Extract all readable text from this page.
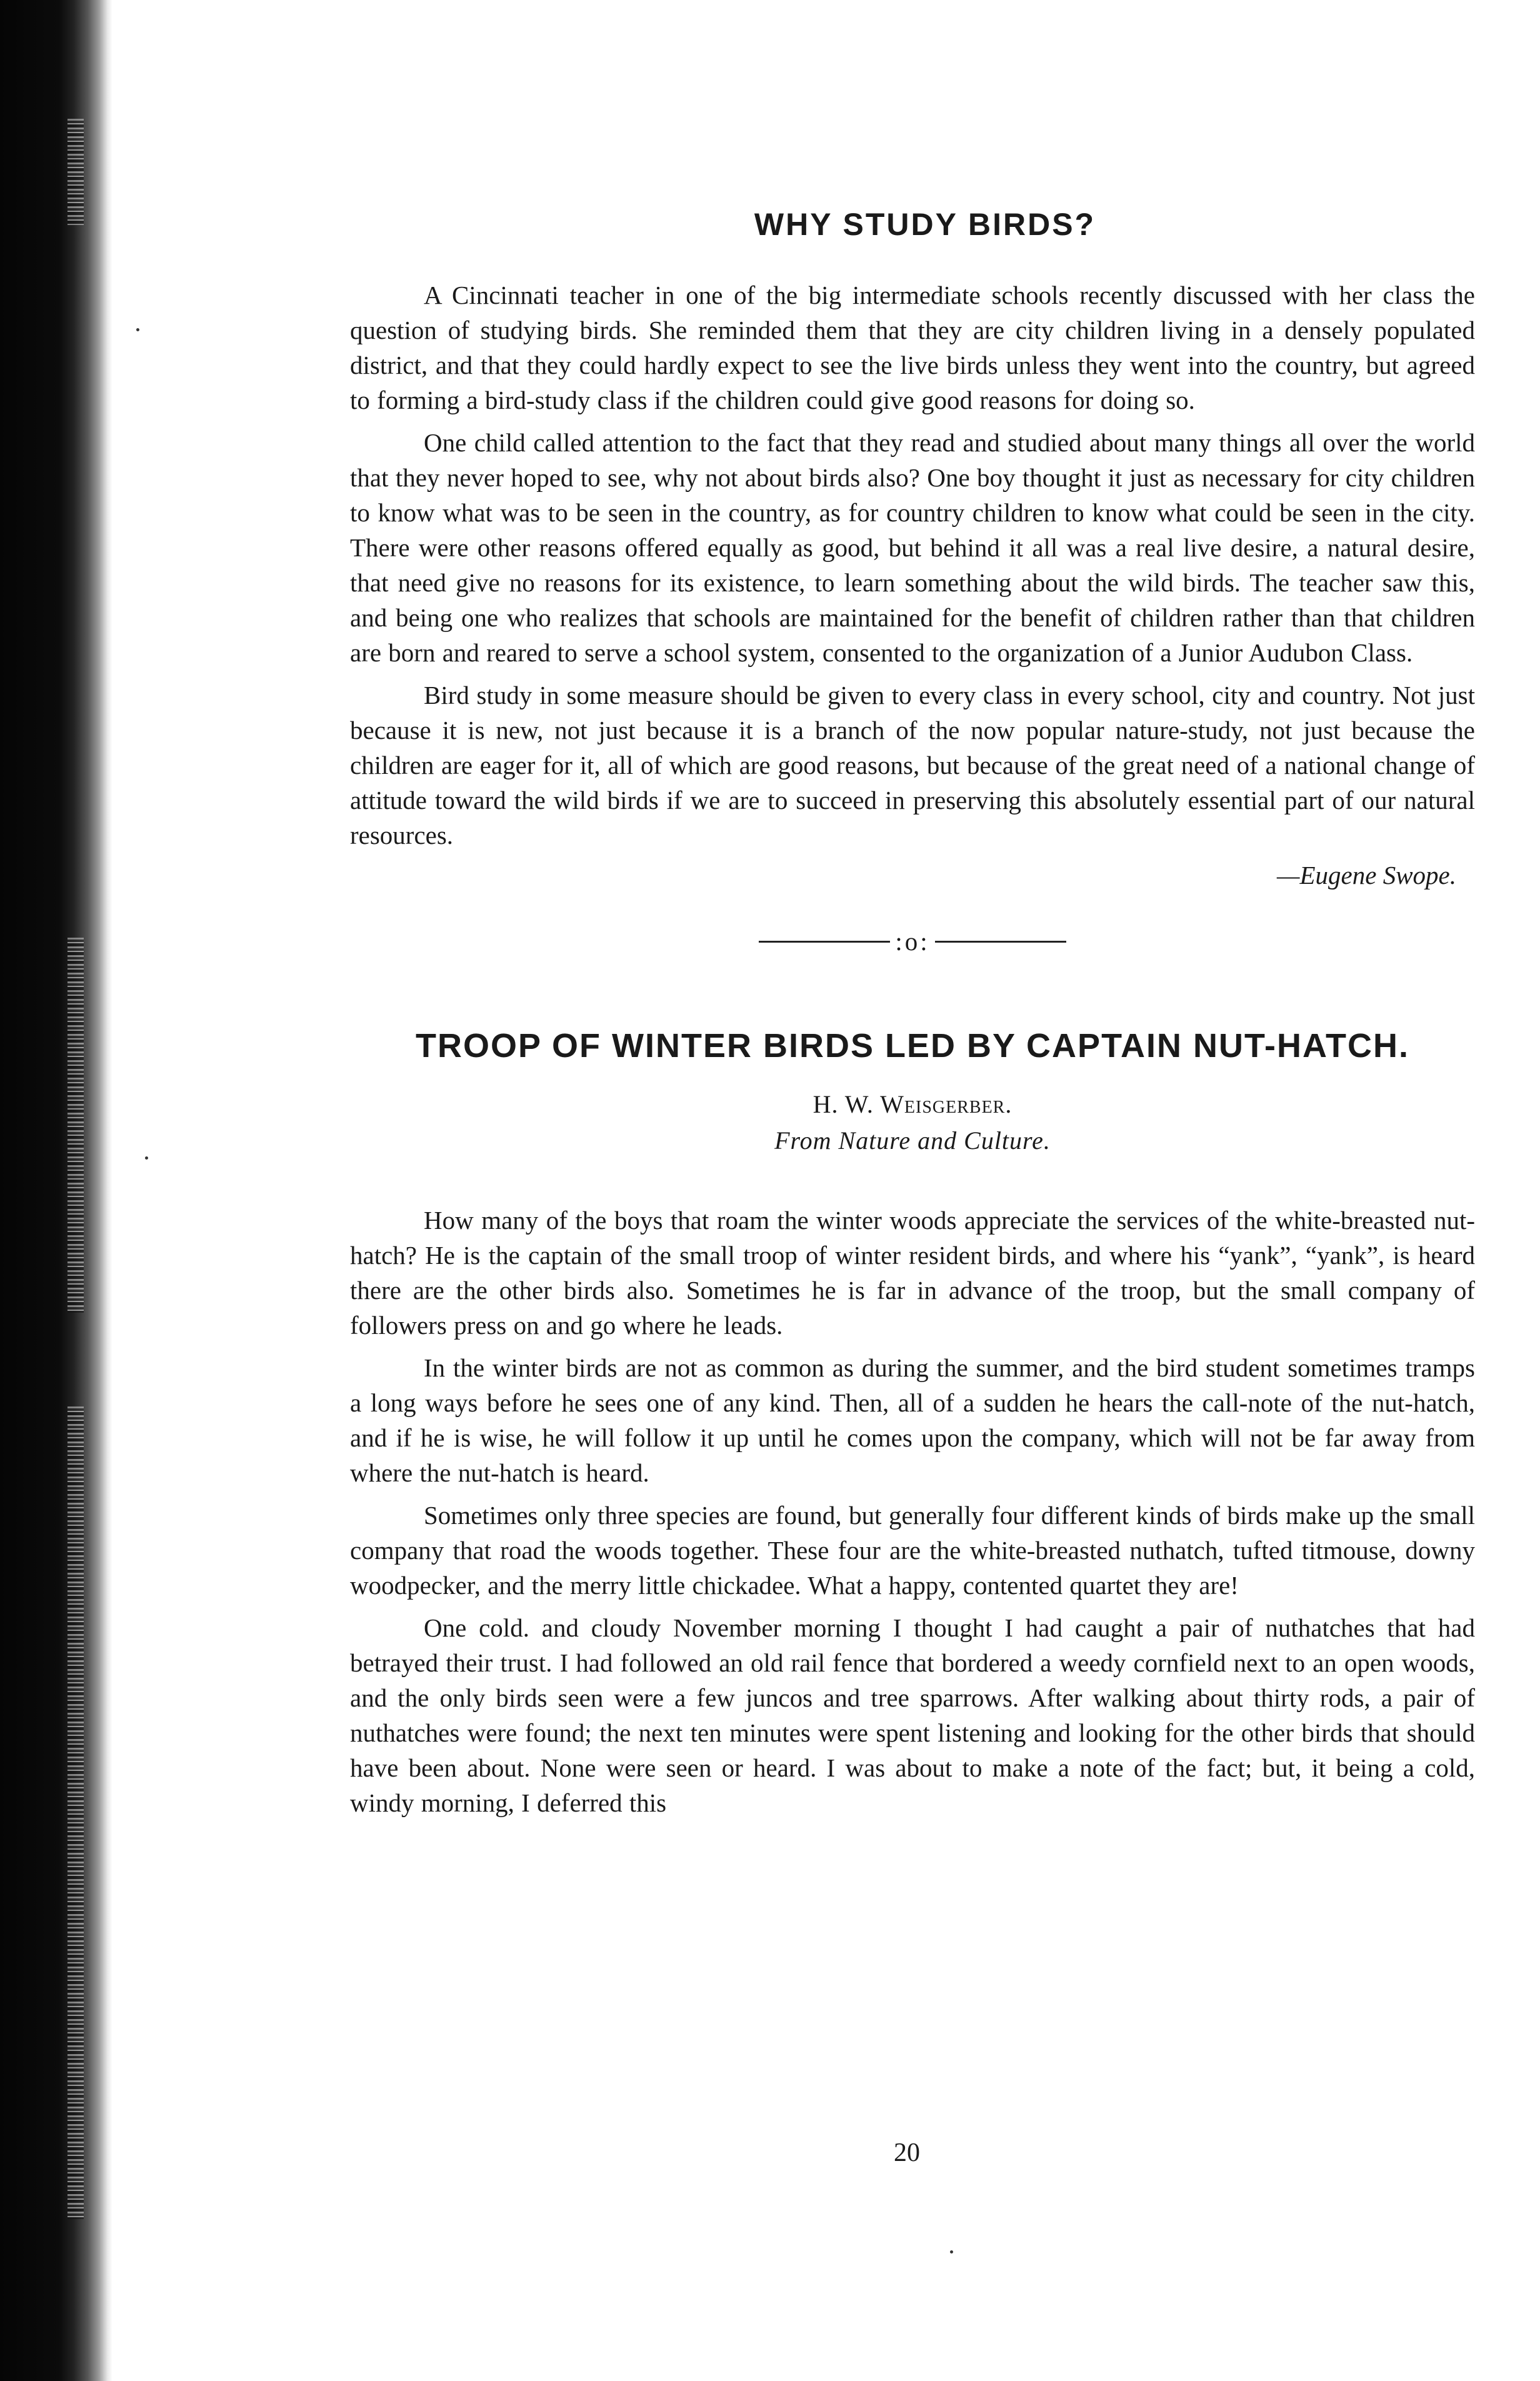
WHY STUDY BIRDS?

A Cincinnati teacher in one of the big intermediate schools recently discussed with her class the question of studying birds. She reminded them that they are city children living in a densely populated district, and that they could hardly expect to see the live birds unless they went into the country, but agreed to forming a bird-study class if the children could give good reasons for doing so.

One child called attention to the fact that they read and studied about many things all over the world that they never hoped to see, why not about birds also? One boy thought it just as necessary for city children to know what was to be seen in the country, as for country children to know what could be seen in the city. There were other reasons offered equally as good, but behind it all was a real live desire, a natural desire, that need give no reasons for its existence, to learn something about the wild birds. The teacher saw this, and being one who realizes that schools are maintained for the benefit of children rather than that children are born and reared to serve a school system, consented to the organization of a Junior Audubon Class.

Bird study in some measure should be given to every class in every school, city and country. Not just because it is new, not just because it is a branch of the now popular nature-study, not just because the children are eager for it, all of which are good reasons, but because of the great need of a national change of attitude toward the wild birds if we are to succeed in preserving this absolutely essential part of our natural resources.

—Eugene Swope.

:o:
TROOP OF WINTER BIRDS LED BY CAPTAIN NUT-HATCH.

H. W. Weisgerber.

From Nature and Culture.

How many of the boys that roam the winter woods appreciate the services of the white-breasted nut-hatch? He is the captain of the small troop of winter resident birds, and where his “yank”, “yank”, is heard there are the other birds also. Sometimes he is far in advance of the troop, but the small company of followers press on and go where he leads.

In the winter birds are not as common as during the summer, and the bird student sometimes tramps a long ways before he sees one of any kind. Then, all of a sudden he hears the call-note of the nut-hatch, and if he is wise, he will follow it up until he comes upon the company, which will not be far away from where the nut-hatch is heard.

Sometimes only three species are found, but generally four different kinds of birds make up the small company that road the woods together. These four are the white-breasted nuthatch, tufted titmouse, downy woodpecker, and the merry little chickadee. What a happy, contented quartet they are!

One cold. and cloudy November morning I thought I had caught a pair of nuthatches that had betrayed their trust. I had followed an old rail fence that bordered a weedy cornfield next to an open woods, and the only birds seen were a few juncos and tree sparrows. After walking about thirty rods, a pair of nuthatches were found; the next ten minutes were spent listening and looking for the other birds that should have been about. None were seen or heard. I was about to make a note of the fact; but, it being a cold, windy morning, I deferred this

20
